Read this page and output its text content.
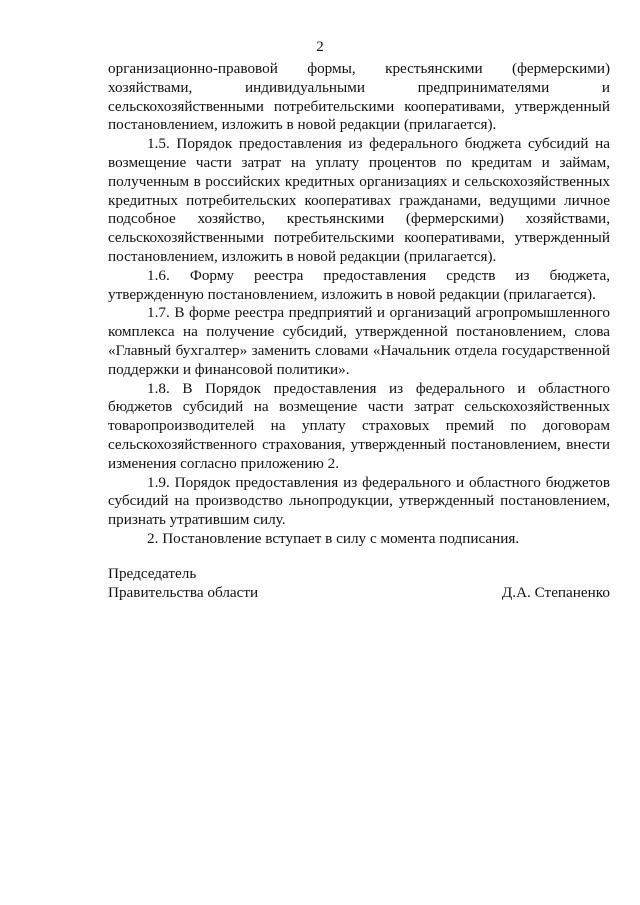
2

организационно-правовой формы, крестьянскими (фермерскими) хозяйствами, индивидуальными предпринимателями и сельскохозяйственными потребительскими кооперативами, утвержденный постановлением, изложить в новой редакции (прилагается).

1.5. Порядок предоставления из федерального бюджета субсидий на возмещение части затрат на уплату процентов по кредитам и займам, полученным в российских кредитных организациях и сельскохозяйственных кредитных потребительских кооперативах гражданами, ведущими личное подсобное хозяйство, крестьянскими (фермерскими) хозяйствами, сельскохозяйственными потребительскими кооперативами, утвержденный постановлением, изложить в новой редакции (прилагается).

1.6. Форму реестра предоставления средств из бюджета, утвержденную постановлением, изложить в новой редакции (прилагается).

1.7. В форме реестра предприятий и организаций агропромышленного комплекса на получение субсидий, утвержденной постановлением, слова «Главный бухгалтер» заменить словами «Начальник отдела государственной поддержки и финансовой политики».

1.8. В Порядок предоставления из федерального и областного бюджетов субсидий на возмещение части затрат сельскохозяйственных товаропроизводителей на уплату страховых премий по договорам сельскохозяйственного страхования, утвержденный постановлением, внести изменения согласно приложению 2.

1.9. Порядок предоставления из федерального и областного бюджетов субсидий на производство льнопродукции, утвержденный постановлением, признать утратившим силу.

2. Постановление вступает в силу с момента подписания.

Председатель
Правительства области	Д.А. Степаненко
